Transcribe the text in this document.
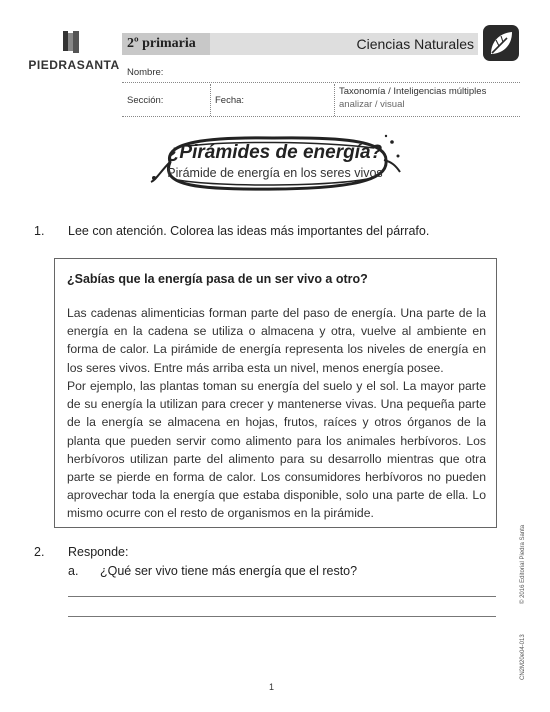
PIEDRASANTA
2º primaria	Ciencias Naturales
Nombre:
Sección:	Fecha:
Taxonomía / Inteligencias múltiples
analizar / visual
¿Pirámides de energía?
Pirámide de energía en los seres vivos
1. Lee con atención. Colorea las ideas más importantes del párrafo.
¿Sabías que la energía pasa de un ser vivo a otro?
Las cadenas alimenticias forman parte del paso de energía. Una parte de la energía en la cadena se utiliza o almacena y otra, vuelve al ambiente en forma de calor. La pirámide de energía representa los niveles de energía en los seres vivos. Entre más arriba esta un nivel, menos energía posee.
Por ejemplo, las plantas toman su energía del suelo y el sol. La mayor parte de su energía la utilizan para crecer y mantenerse vivas. Una pequeña parte de la energía se almacena en hojas, frutos, raíces y otros órganos de la planta que pueden servir como alimento para los animales herbívoros. Los herbívoros utilizan parte del alimento para su desarrollo mientras que otra parte se pierde en forma de calor. Los consumidores herbívoros no pueden aprovechar toda la energía que estaba disponible, solo una parte de ella. Lo mismo ocurre con el resto de organismos en la pirámide.
2. Responde:
a. ¿Qué ser vivo tiene más energía que el resto?	© 2016 Editorial Piedra Santa
CN2M20e04-013
1
